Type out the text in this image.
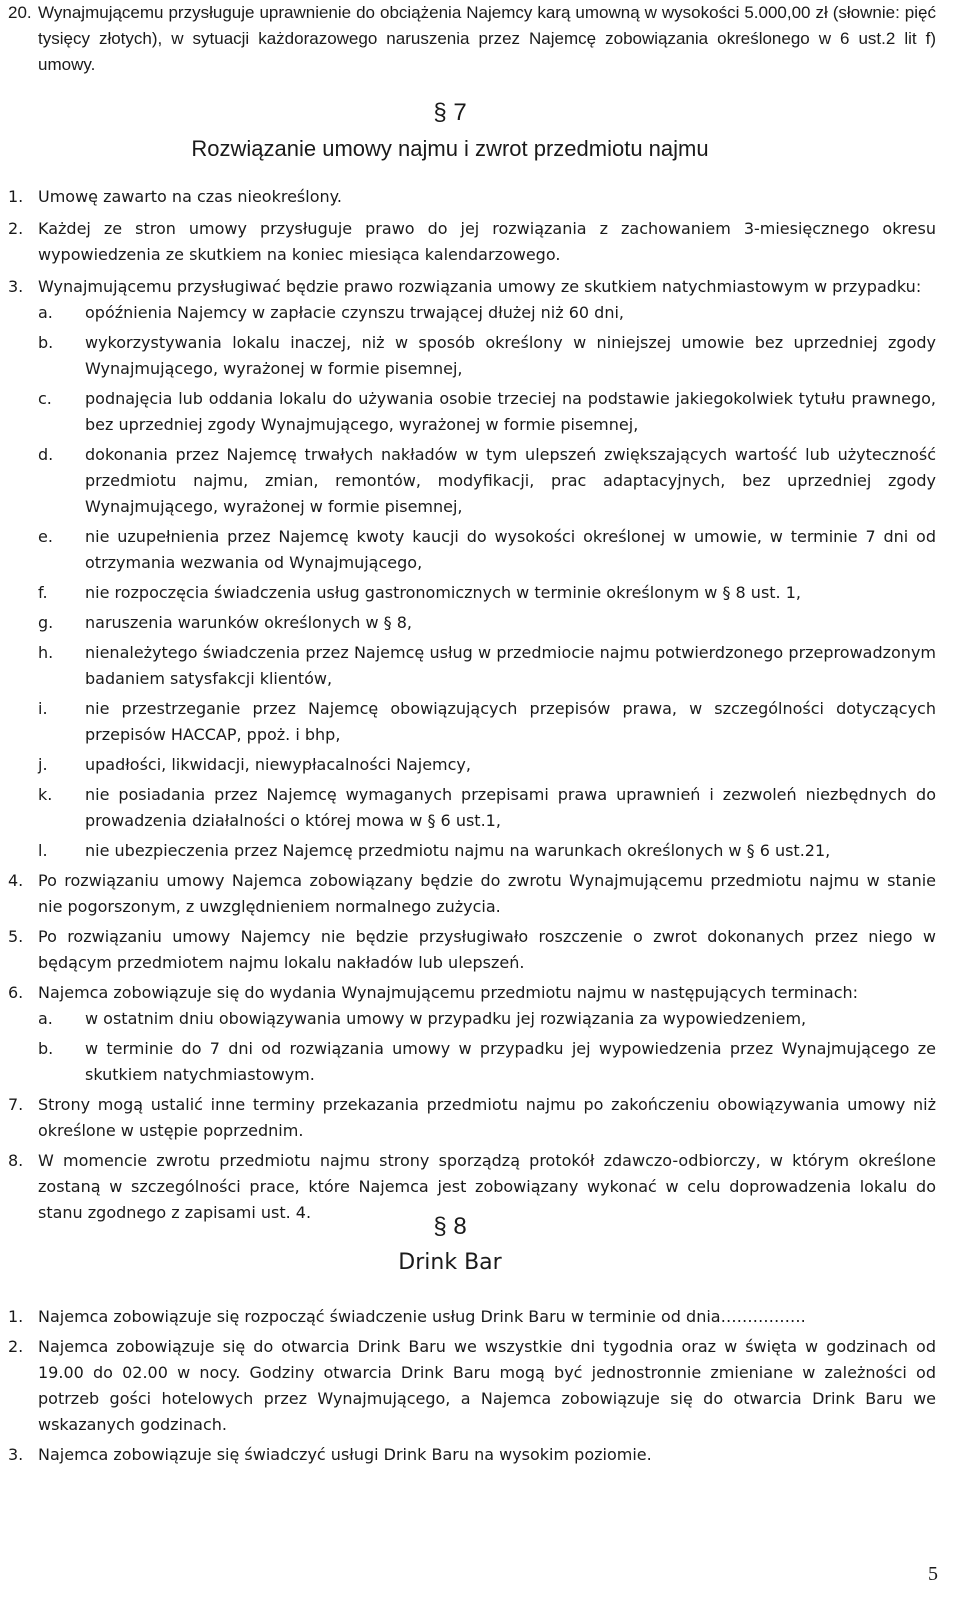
20. Wynajmującemu przysługuje uprawnienie do obciążenia Najemcy karą umowną w wysokości 5.000,00 zł (słownie: pięć tysięcy złotych), w sytuacji każdorazowego naruszenia przez Najemcę zobowiązania określonego w 6 ust.2 lit f) umowy.

§ 7
Rozwiązanie umowy najmu i zwrot przedmiotu najmu
1. Umowę zawarto na czas nieokreślony.

2. Każdej ze stron umowy przysługuje prawo do jej rozwiązania z zachowaniem 3-miesięcznego okresu wypowiedzenia ze skutkiem na koniec miesiąca kalendarzowego.

3. Wynajmującemu przysługiwać będzie prawo rozwiązania umowy ze skutkiem natychmiastowym w przypadku:

a. opóźnienia Najemcy w zapłacie czynszu trwającej dłużej niż 60 dni,

b. wykorzystywania lokalu inaczej, niż w sposób określony w niniejszej umowie bez uprzedniej zgody Wynajmującego, wyrażonej w formie pisemnej,

c. podnajęcia lub oddania lokalu do używania osobie trzeciej na podstawie jakiegokolwiek tytułu prawnego, bez uprzedniej zgody Wynajmującego, wyrażonej w formie pisemnej,

d. dokonania przez Najemcę trwałych nakładów w tym ulepszeń zwiększających wartość lub użyteczność przedmiotu najmu, zmian, remontów, modyfikacji, prac adaptacyjnych, bez uprzedniej zgody Wynajmującego, wyrażonej w formie pisemnej,

e. nie uzupełnienia przez Najemcę kwoty kaucji do wysokości określonej w umowie, w terminie 7 dni od otrzymania wezwania od Wynajmującego,

f. nie rozpoczęcia świadczenia usług gastronomicznych w terminie określonym w § 8 ust. 1,

g. naruszenia warunków określonych w § 8,

h. nienależytego świadczenia przez Najemcę usług w przedmiocie najmu potwierdzonego przeprowadzonym badaniem satysfakcji klientów,

i. nie przestrzeganie przez Najemcę obowiązujących przepisów prawa, w szczególności dotyczących przepisów HACCAP, ppoż. i bhp,

j. upadłości, likwidacji, niewypłacalności Najemcy,

k. nie posiadania przez Najemcę wymaganych przepisami prawa uprawnień i zezwoleń niezbędnych do prowadzenia działalności o której mowa w § 6 ust.1,

l. nie ubezpieczenia przez Najemcę przedmiotu najmu na warunkach określonych w § 6 ust.21,

4. Po rozwiązaniu umowy Najemca zobowiązany będzie do zwrotu Wynajmującemu przedmiotu najmu w stanie nie pogorszonym, z uwzględnieniem normalnego zużycia.

5. Po rozwiązaniu umowy Najemcy nie będzie przysługiwało roszczenie o zwrot dokonanych przez niego w będącym przedmiotem najmu lokalu nakładów lub ulepszeń.

6. Najemca zobowiązuje się do wydania Wynajmującemu przedmiotu najmu w następujących terminach:

a. w ostatnim dniu obowiązywania umowy w przypadku jej rozwiązania za wypowiedzeniem,

b. w terminie do 7 dni od rozwiązania umowy w przypadku jej wypowiedzenia przez Wynajmującego ze skutkiem natychmiastowym.

7. Strony mogą ustalić inne terminy przekazania przedmiotu najmu po zakończeniu obowiązywania umowy niż określone w ustępie poprzednim.

8. W momencie zwrotu przedmiotu najmu strony sporządzą protokół zdawczo-odbiorczy, w którym określone zostaną w szczególności prace, które Najemca jest zobowiązany wykonać w celu doprowadzenia lokalu do stanu zgodnego z zapisami ust. 4.

§ 8
Drink Bar
1. Najemca zobowiązuje się rozpocząć świadczenie usług Drink Baru w terminie od dnia…………….

2. Najemca zobowiązuje się do otwarcia Drink Baru we wszystkie dni tygodnia oraz w święta w godzinach od 19.00 do 02.00 w nocy. Godziny otwarcia Drink Baru mogą być jednostronnie zmieniane w zależności od potrzeb gości hotelowych przez Wynajmującego, a Najemca zobowiązuje się do otwarcia Drink Baru we wskazanych godzinach.

3. Najemca zobowiązuje się świadczyć usługi Drink Baru na wysokim poziomie.

5
